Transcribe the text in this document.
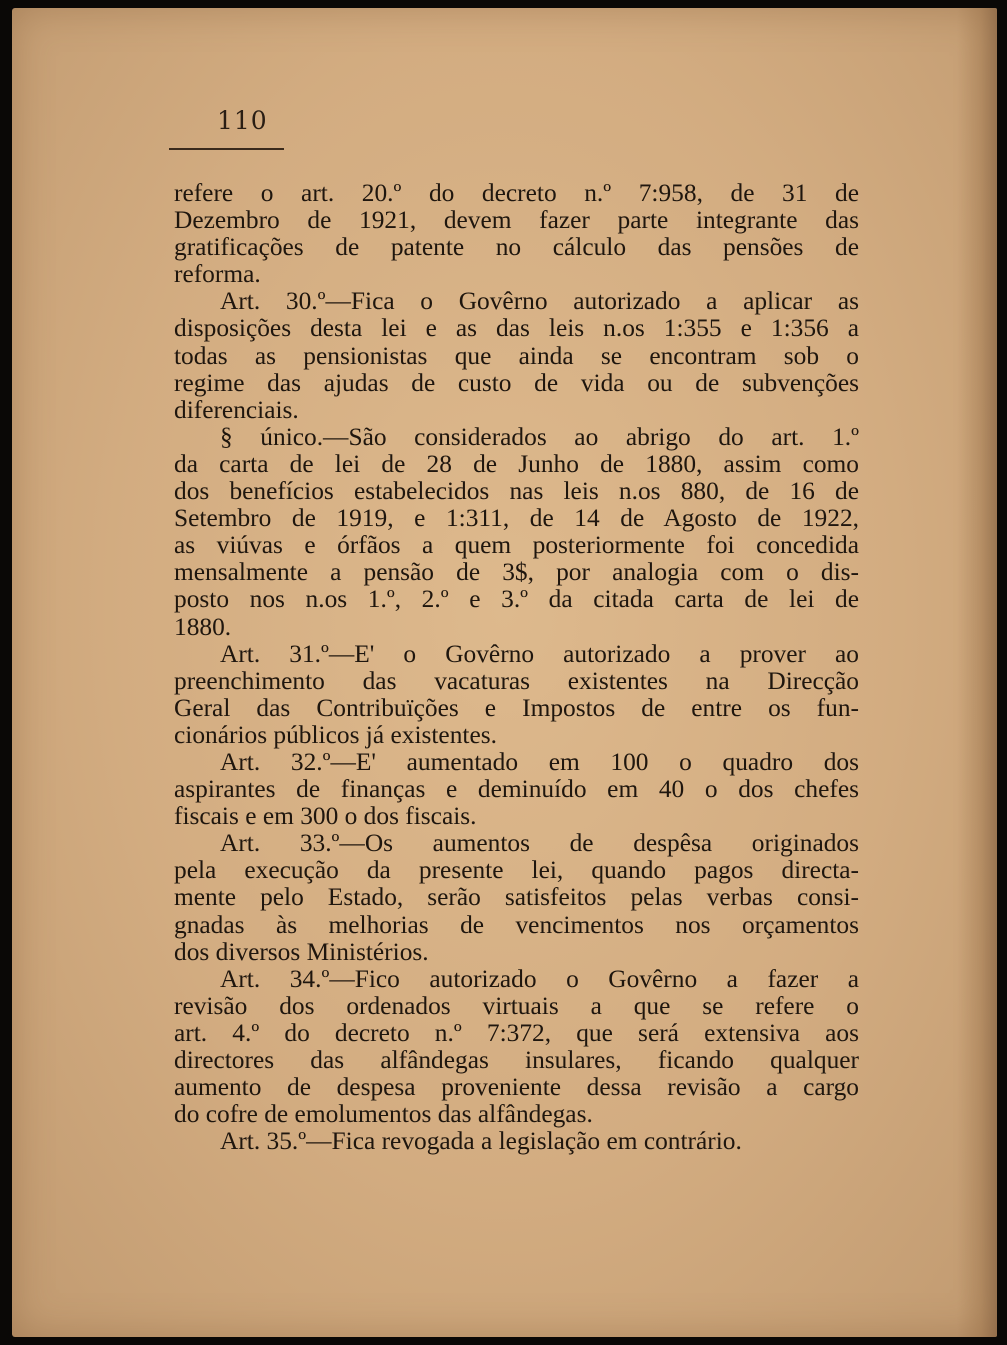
110
refere o art. 20.º do decreto n.º 7:958, de 31 de
Dezembro de 1921, devem fazer parte integrante das
gratificações de patente no cálculo das pensões de
reforma.
Art. 30.º—Fica o Govêrno autorizado a aplicar as
disposições desta lei e as das leis n.os 1:355 e 1:356 a
todas as pensionistas que ainda se encontram sob o
regime das ajudas de custo de vida ou de subvenções
diferenciais.
§ único.—São considerados ao abrigo do art. 1.º
da carta de lei de 28 de Junho de 1880, assim como
dos benefícios estabelecidos nas leis n.os 880, de 16 de
Setembro de 1919, e 1:311, de 14 de Agosto de 1922,
as viúvas e órfãos a quem posteriormente foi concedida
mensalmente a pensão de 3$, por analogia com o dis-
posto nos n.os 1.º, 2.º e 3.º da citada carta de lei de
1880.
Art. 31.º—E' o Govêrno autorizado a prover ao
preenchimento das vacaturas existentes na Direcção
Geral das Contribuïções e Impostos de entre os fun-
cionários públicos já existentes.
Art. 32.º—E' aumentado em 100 o quadro dos
aspirantes de finanças e deminuído em 40 o dos chefes
fiscais e em 300 o dos fiscais.
Art. 33.º—Os aumentos de despêsa originados
pela execução da presente lei, quando pagos directa-
mente pelo Estado, serão satisfeitos pelas verbas consi-
gnadas às melhorias de vencimentos nos orçamentos
dos diversos Ministérios.
Art. 34.º—Fico autorizado o Govêrno a fazer a
revisão dos ordenados virtuais a que se refere o
art. 4.º do decreto n.º 7:372, que será extensiva aos
directores das alfândegas insulares, ficando qualquer
aumento de despesa proveniente dessa revisão a cargo
do cofre de emolumentos das alfândegas.
Art. 35.º—Fica revogada a legislação em contrário.
